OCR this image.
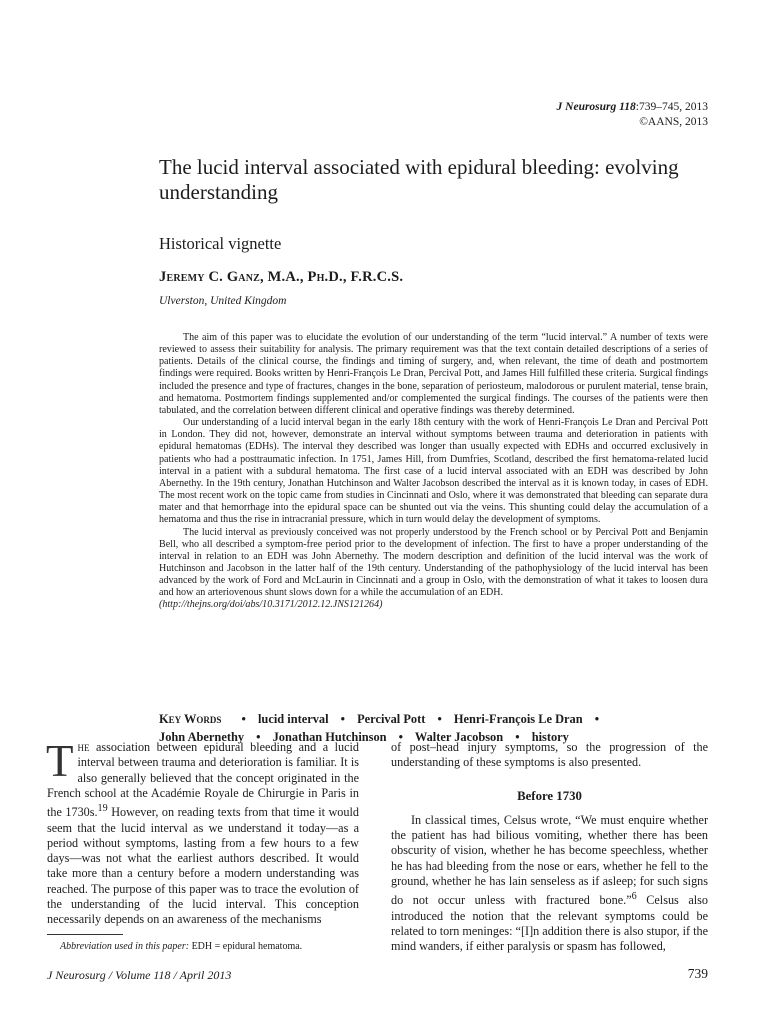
J Neurosurg 118:739–745, 2013
©AANS, 2013
The lucid interval associated with epidural bleeding: evolving understanding
Historical vignette
Jeremy C. Ganz, M.A., Ph.D., F.R.C.S.
Ulverston, United Kingdom

The aim of this paper was to elucidate the evolution of our understanding of the term “lucid interval.” A number of texts were reviewed to assess their suitability for analysis. The primary requirement was that the text contain detailed descriptions of a series of patients. Details of the clinical course, the findings and timing of surgery, and, when relevant, the time of death and postmortem findings were required. Books written by Henri-François Le Dran, Percival Pott, and James Hill fulfilled these criteria. Surgical findings included the presence and type of fractures, changes in the bone, separation of periosteum, malodorous or purulent material, tense brain, and hematoma. Postmortem findings supplemented and/or complemented the surgical findings. The courses of the patients were then tabulated, and the correlation between different clinical and operative findings was thereby determined.

Our understanding of a lucid interval began in the early 18th century with the work of Henri-François Le Dran and Percival Pott in London. They did not, however, demonstrate an interval without symptoms between trauma and deterioration in patients with epidural hematomas (EDHs). The interval they described was longer than usually expected with EDHs and occurred exclusively in patients who had a posttraumatic infection. In 1751, James Hill, from Dumfries, Scotland, described the first hematoma-related lucid interval in a patient with a subdural hematoma. The first case of a lucid interval associated with an EDH was described by John Abernethy. In the 19th century, Jonathan Hutchinson and Walter Jacobson described the interval as it is known today, in cases of EDH. The most recent work on the topic came from studies in Cincinnati and Oslo, where it was demonstrated that bleeding can separate dura mater and that hemorrhage into the epidural space can be shunted out via the veins. This shunting could delay the accumulation of a hematoma and thus the rise in intracranial pressure, which in turn would delay the development of symptoms.

The lucid interval as previously conceived was not properly understood by the French school or by Percival Pott and Benjamin Bell, who all described a symptom-free period prior to the development of infection. The first to have a proper understanding of the interval in relation to an EDH was John Abernethy. The modern description and definition of the lucid interval was the work of Hutchinson and Jacobson in the latter half of the 19th century. Understanding of the pathophysiology of the lucid interval has been advanced by the work of Ford and McLaurin in Cincinnati and a group in Oslo, with the demonstration of what it takes to loosen dura and how an arteriovenous shunt slows down for a while the accumulation of an EDH.

(http://thejns.org/doi/abs/10.3171/2012.12.JNS121264)

Key Words • lucid interval • Percival Pott • Henri-François Le Dran •
John Abernethy • Jonathan Hutchinson • Walter Jacobson • history

The association between epidural bleeding and a lucid interval between trauma and deterioration is familiar. It is also generally believed that the concept originated in the French school at the Académie Royale de Chirurgie in Paris in the 1730s.$^{19}$ However, on reading texts from that time it would seem that the lucid interval as we understand it today—as a period without symptoms, lasting from a few hours to a few days—was not what the earliest authors described. It would take more than a century before a modern understanding was reached. The purpose of this paper was to trace the evolution of the understanding of the lucid interval. This conception necessarily depends on an awareness of the mechanisms

of post–head injury symptoms, so the progression of the understanding of these symptoms is also presented.

Before 1730

In classical times, Celsus wrote, “We must enquire whether the patient has had bilious vomiting, whether there has been obscurity of vision, whether he has become speechless, whether he has had bleeding from the nose or ears, whether he fell to the ground, whether he has lain senseless as if asleep; for such signs do not occur unless with fractured bone.”$^6$ Celsus also introduced the notion that the relevant symptoms could be related to torn meninges: “[I]n addition there is also stupor, if the mind wanders, if either paralysis or spasm has followed,

Abbreviation used in this paper: EDH = epidural hematoma.
J Neurosurg / Volume 118 / April 2013	739
